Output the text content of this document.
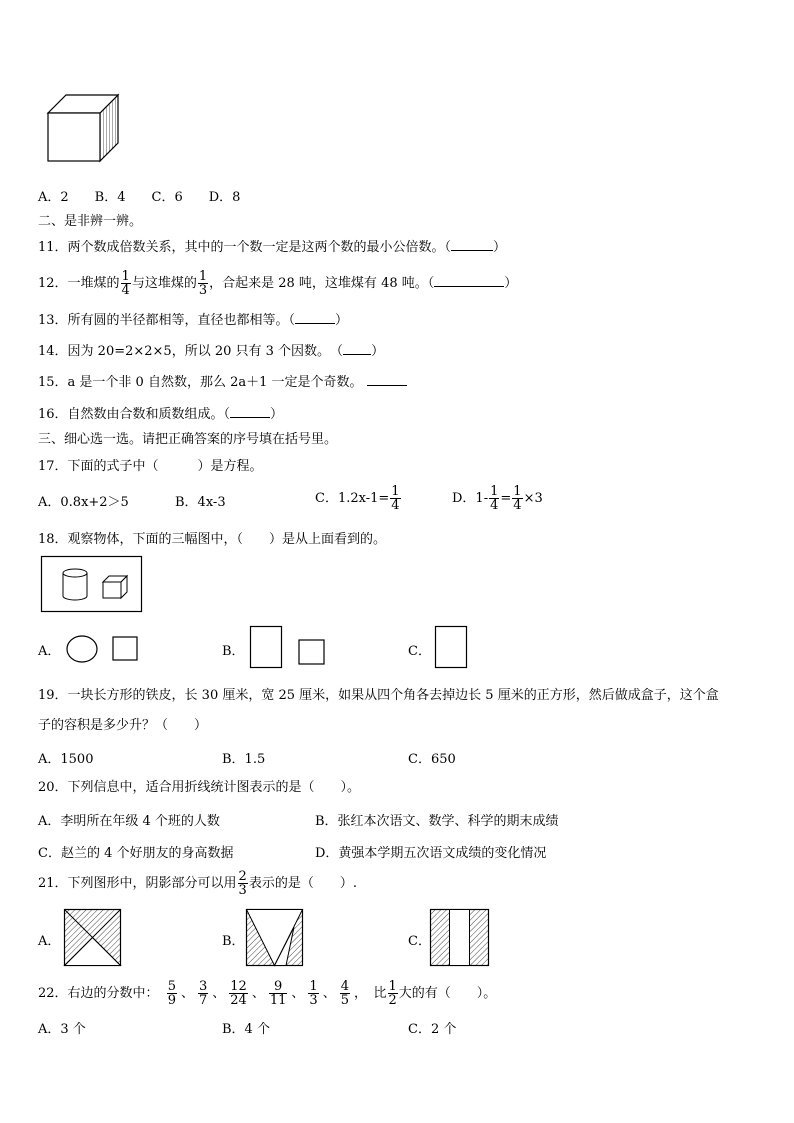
A．2 B．4 C．6 D．8
二、是非辨一辨。
11．两个数成倍数关系，其中的一个数一定是这两个数的最小公倍数。（	）
12．一堆煤的 $\frac{1}{4}$ 与这堆煤的 $\frac{1}{3}$ ，合起来是 28 吨，这堆煤有 48 吨。（	）
13．所有圆的半径都相等，直径也都相等。（	）
14．因为 20=2×2×5，所以 20 只有 3 个因数。　（ ）
15．a 是一个非 0 自然数，那么 2a＋1 一定是个奇数。
16．自然数由合数和质数组成。（	）
三、细心选一选。请把正确答案的序号填在括号里。
17．下面的式子中（　　　）是方程。
A．0.8x+2＞5	B．4x-3	C．$1.2x-1= \frac{1}{4}$	D．$1- \frac{1}{4} = \frac{1}{4} \times 3$
18．观察物体，下面的三幅图中，（　　）是从上面看到的。
A．	B．	C．
19．一块长方形的铁皮，长 30 厘米，宽 25 厘米，如果从四个角各去掉边长 5 厘米的正方形，然后做成盒子，这个盒
子的容积是多少升？（　　）
A．1500	B．1.5	C．650
20．下列信息中，适合用折线统计图表示的是（　　）。
A．李明所在年级 4 个班的人数	B．张红本次语文、数学、科学的期末成绩
C．赵兰的 4 个好朋友的身高数据	D．黄强本学期五次语文成绩的变化情况
21．下列图形中，阴影部分可以用 $\frac{2}{3}$ 表示的是（　　）.
A．	B．	C．
22．右边的分数中： $\frac{5}{9}$ 、 $\frac{3}{7}$ 、 $\frac{12}{24}$ 、 $\frac{9}{11}$ 、 $\frac{1}{3}$ 、 $\frac{4}{5}$ ，　比 $\frac{1}{2}$ 大的有（　　）。
A．3 个	B．4 个	C．2 个
